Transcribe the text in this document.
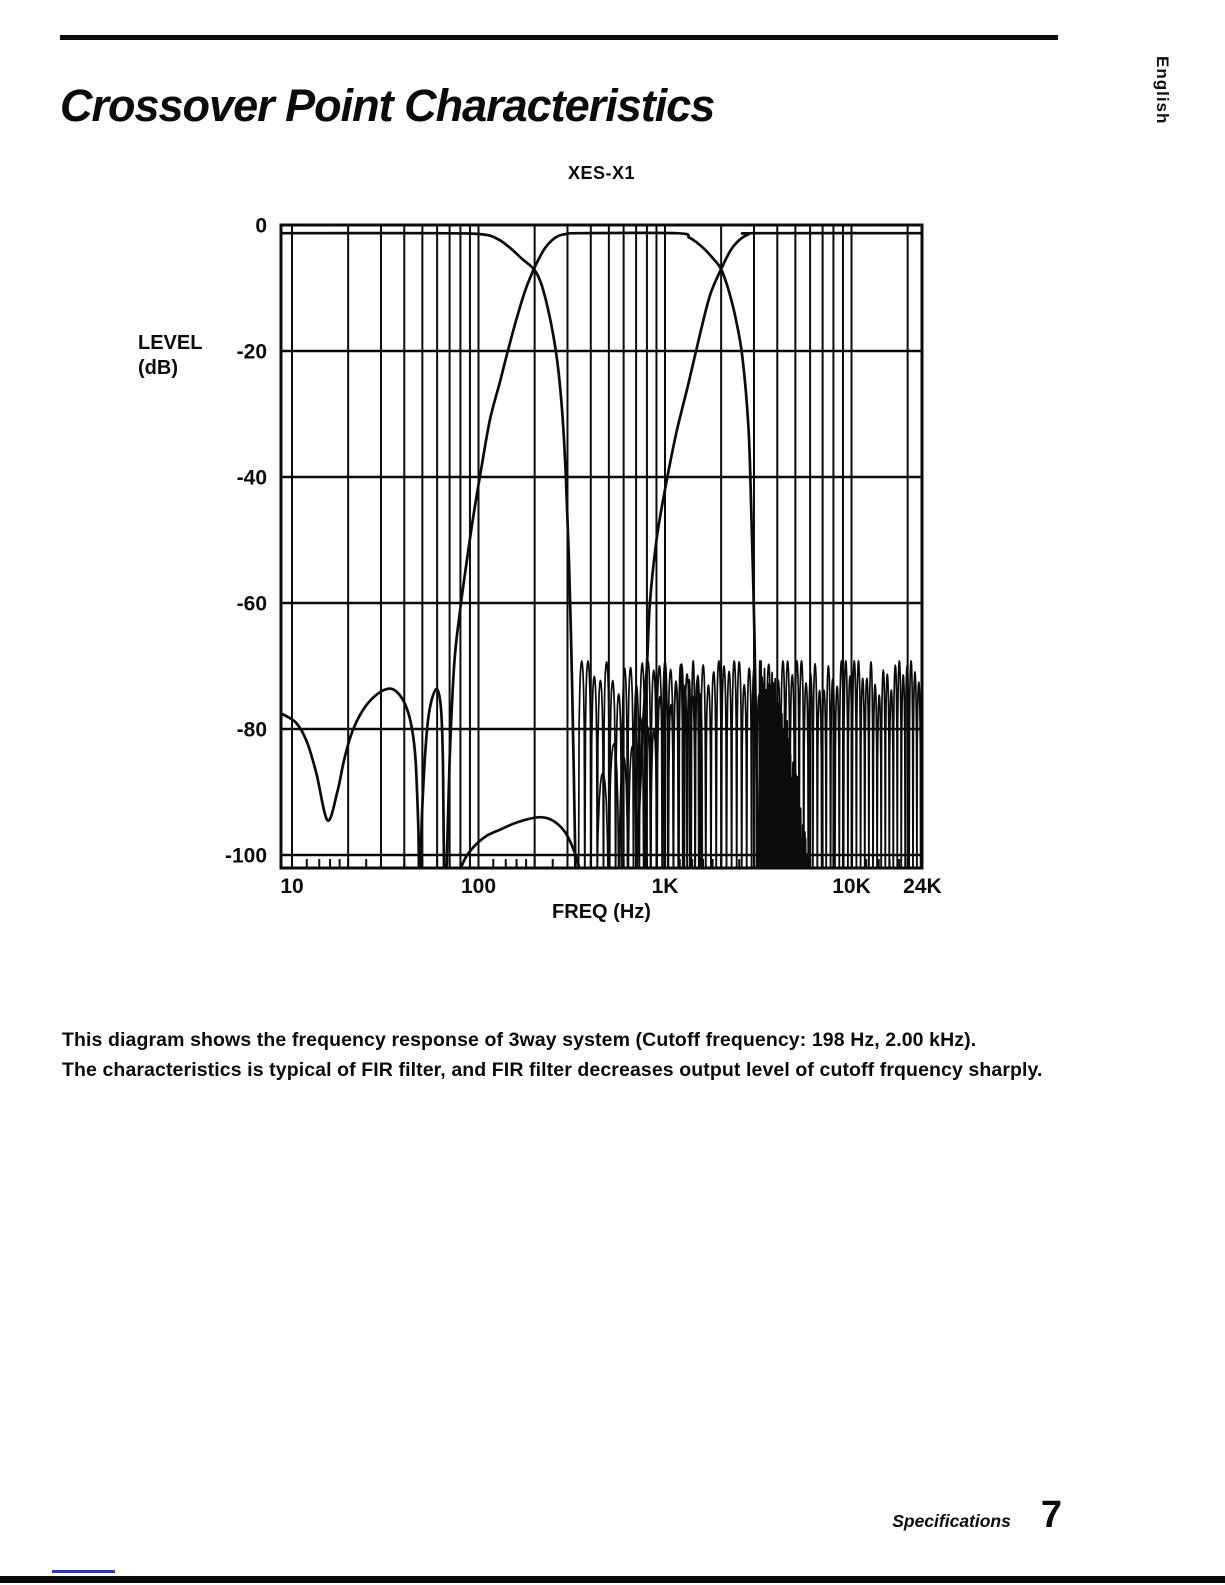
Crossover Point Characteristics	English
XES-X1
LEVEL
(dB)
0
-20
-40
-60
-80
-100
10	100	1K	10K 24K
FREQ (Hz)

This diagram shows the frequency response of 3way system (Cutoff frequency: 198 Hz, 2.00 kHz).
The characteristics is typical of FIR filter, and FIR filter decreases output level of cutoff frquency sharply.

Specifications 7
